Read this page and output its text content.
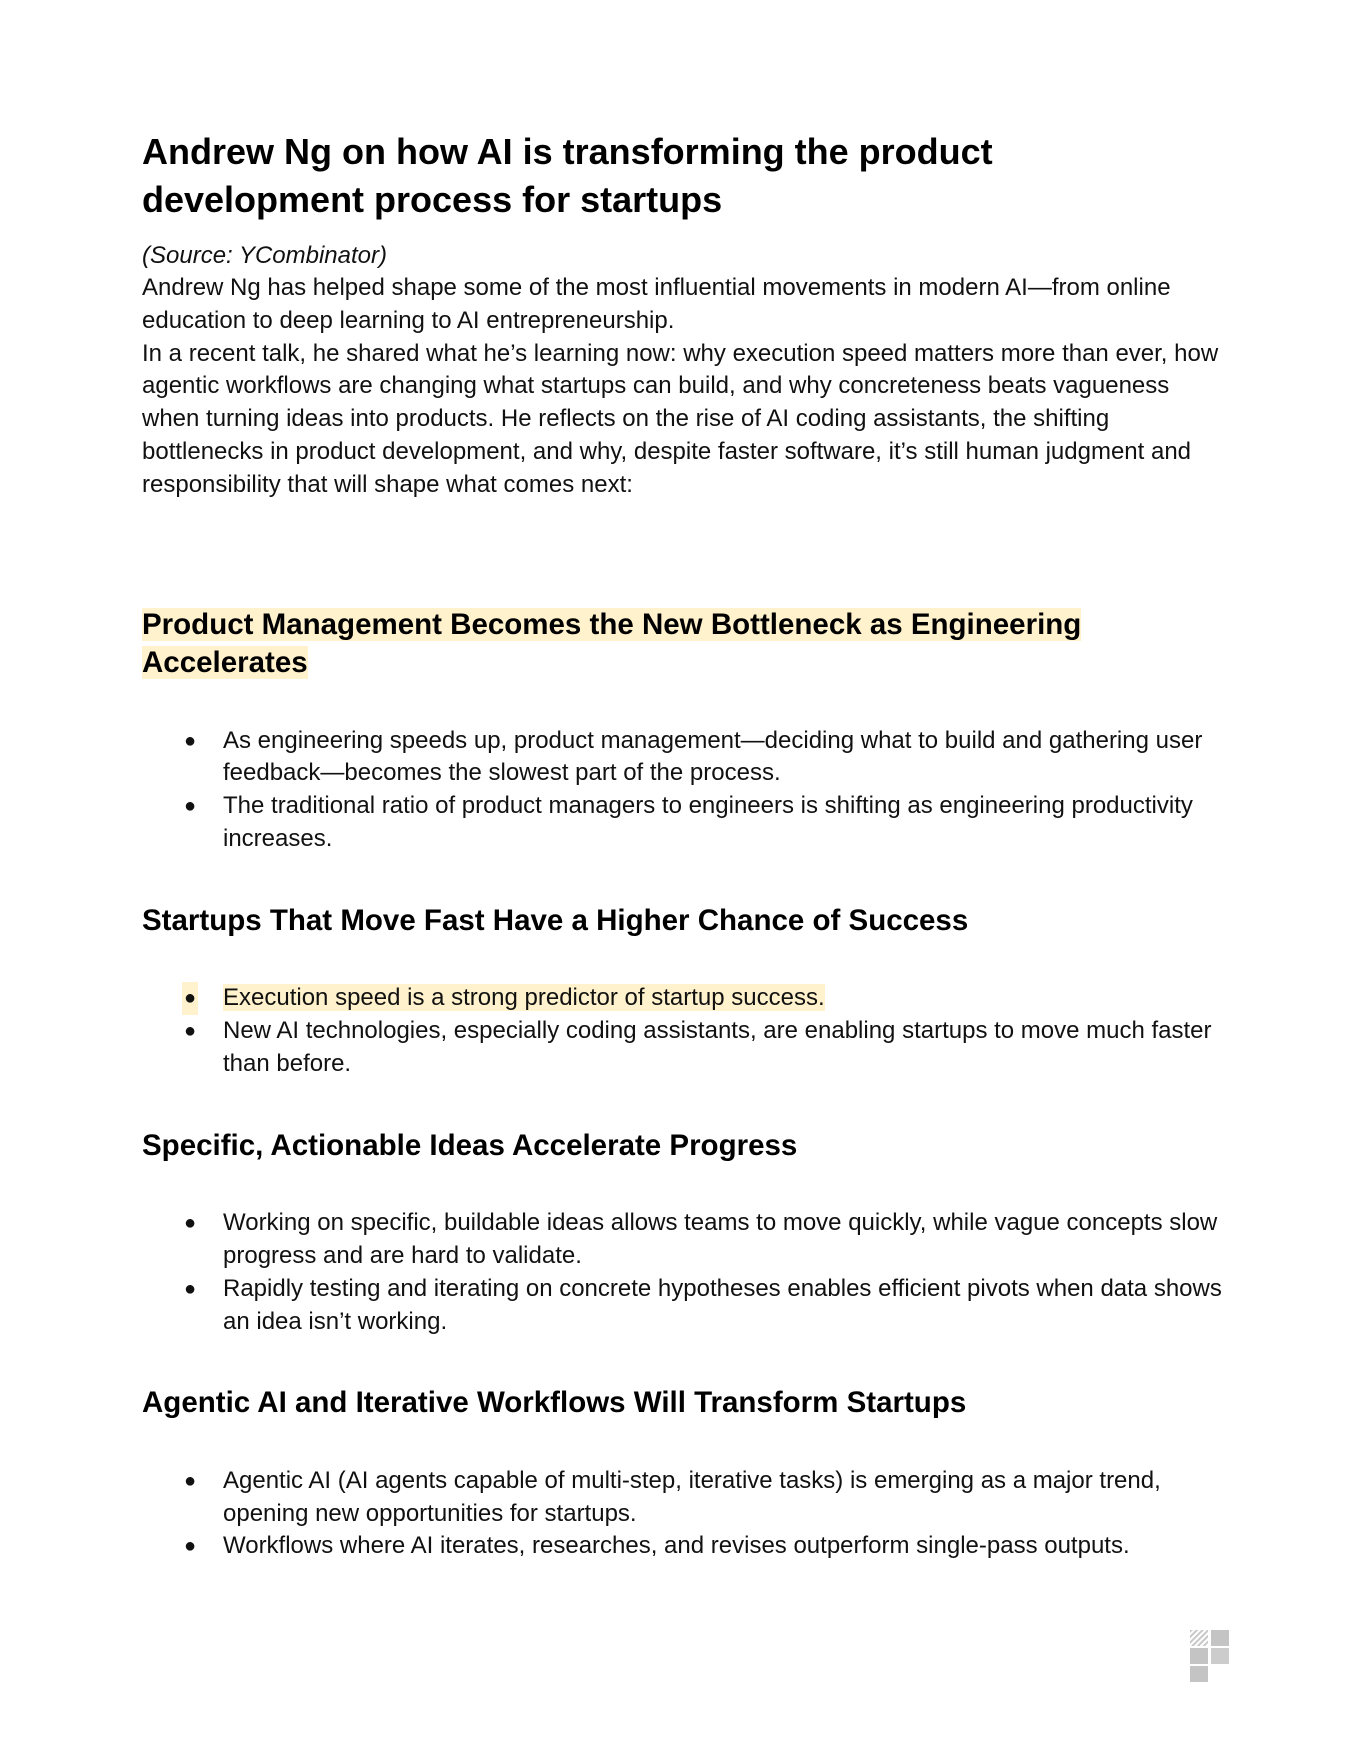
Andrew Ng on how AI is transforming the product development process for startups

(Source: YCombinator)

Andrew Ng has helped shape some of the most influential movements in modern AI—from online education to deep learning to AI entrepreneurship.

In a recent talk, he shared what he’s learning now: why execution speed matters more than ever, how agentic workflows are changing what startups can build, and why concreteness beats vagueness when turning ideas into products. He reflects on the rise of AI coding assistants, the shifting bottlenecks in product development, and why, despite faster software, it’s still human judgment and responsibility that will shape what comes next:

Product Management Becomes the New Bottleneck as Engineering Accelerates
● As engineering speeds up, product management—deciding what to build and gathering user feedback—becomes the slowest part of the process.
● The traditional ratio of product managers to engineers is shifting as engineering productivity increases.
Startups That Move Fast Have a Higher Chance of Success
● Execution speed is a strong predictor of startup success.
● New AI technologies, especially coding assistants, are enabling startups to move much faster than before.
Specific, Actionable Ideas Accelerate Progress
● Working on specific, buildable ideas allows teams to move quickly, while vague concepts slow progress and are hard to validate.
● Rapidly testing and iterating on concrete hypotheses enables efficient pivots when data shows an idea isn’t working.
Agentic AI and Iterative Workflows Will Transform Startups
● Agentic AI (AI agents capable of multi-step, iterative tasks) is emerging as a major trend, opening new opportunities for startups.
● Workflows where AI iterates, researches, and revises outperform single-pass outputs.
